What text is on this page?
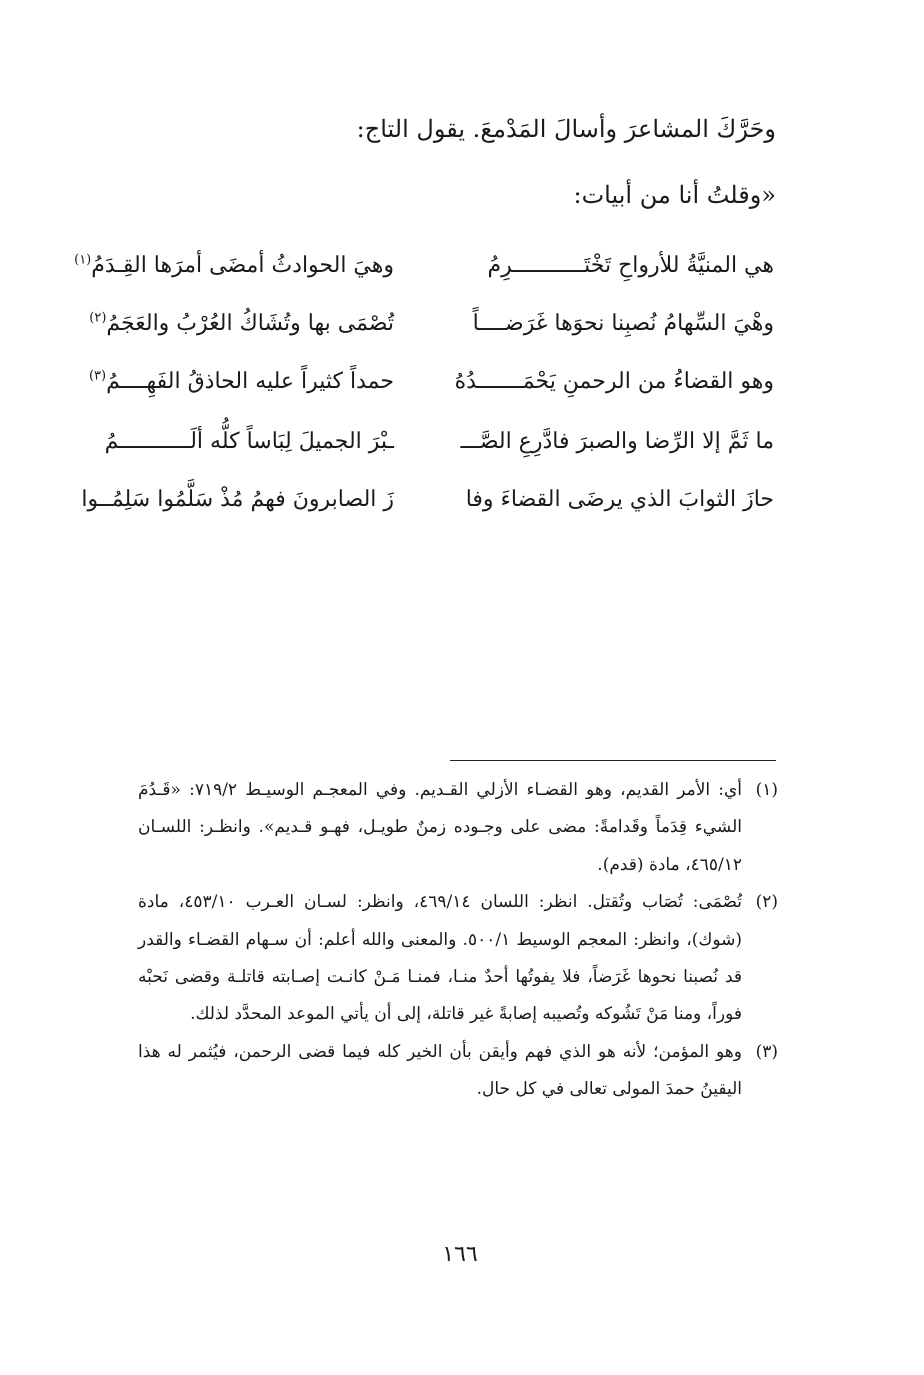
وحَرَّكَ المشاعرَ وأسالَ المَدْمعَ. يقول التاج:
«وقلتُ أنا من أبيات:
هي المنيَّةُ للأرواحِ تَخْتَـــــــــــرِمُ
وهيَ الحوادثُ أمضَى أمرَها القِـدَمُ$^{(١)}$
وهْيَ السِّهامُ نُصبِنا نحوَها غَرَضــــاً
تُصْمَى بها وتُشَاكُ العُرْبُ والعَجَمُ$^{(٢)}$
وهو القضاءُ من الرحمنِ يَحْمَـــــــدُهُ
حمداً كثيراً عليه الحاذقُ الفَهِــــمُ$^{(٣)}$
ما ثَمَّ إلا الرِّضا والصبرَ فادَّرِعِ الصَّـــ
ـبْرَ الجميلَ لِبَاساً كلُّه ألَـــــــــــمُ
حازَ الثوابَ الذي يرضَى القضاءَ وفا
زَ الصابرونَ فهمُ مُذْ سَلَّمُوا سَلِمُــوا
(١)
أي: الأمر القديم، وهو القضـاء الأزلي القـديم. وفي المعجـم الوسيـط ٧١٩/٢: «قَـدُمَ الشيء قِدَماً وقَدامةً: مضى على وجـوده زمنٌ طويـل، فهـو قـديم». وانظـر: اللسـان ٤٦٥/١٢، مادة (قدم).
(٢)
تُصْمَى: تُصَاب وتُقتل. انظر: اللسان ٤٦٩/١٤، وانظر: لسـان العـرب ٤٥٣/١٠، مادة (شوك)، وانظر: المعجم الوسيط ٥٠٠/١. والمعنى والله أعلم: أن سـهام القضـاء والقدر قد نُصبنا نحوها غَرَضاً، فلا يفوتُها أحدٌ منـا، فمنـا مَـنْ كانـت إصـابته قاتلـة وقضى نَحبْه فوراً، ومنا مَنْ تَشُوكه وتُصيبه إصابةً غير قاتلة، إلى أن يأتي الموعد المحدَّد لذلك.
(٣)
وهو المؤمن؛ لأنه هو الذي فهم وأيقن بأن الخير كله فيما قضى الرحمن، فيُثمر له هذا اليقينُ حمدَ المولى تعالى في كل حال.
١٦٦
